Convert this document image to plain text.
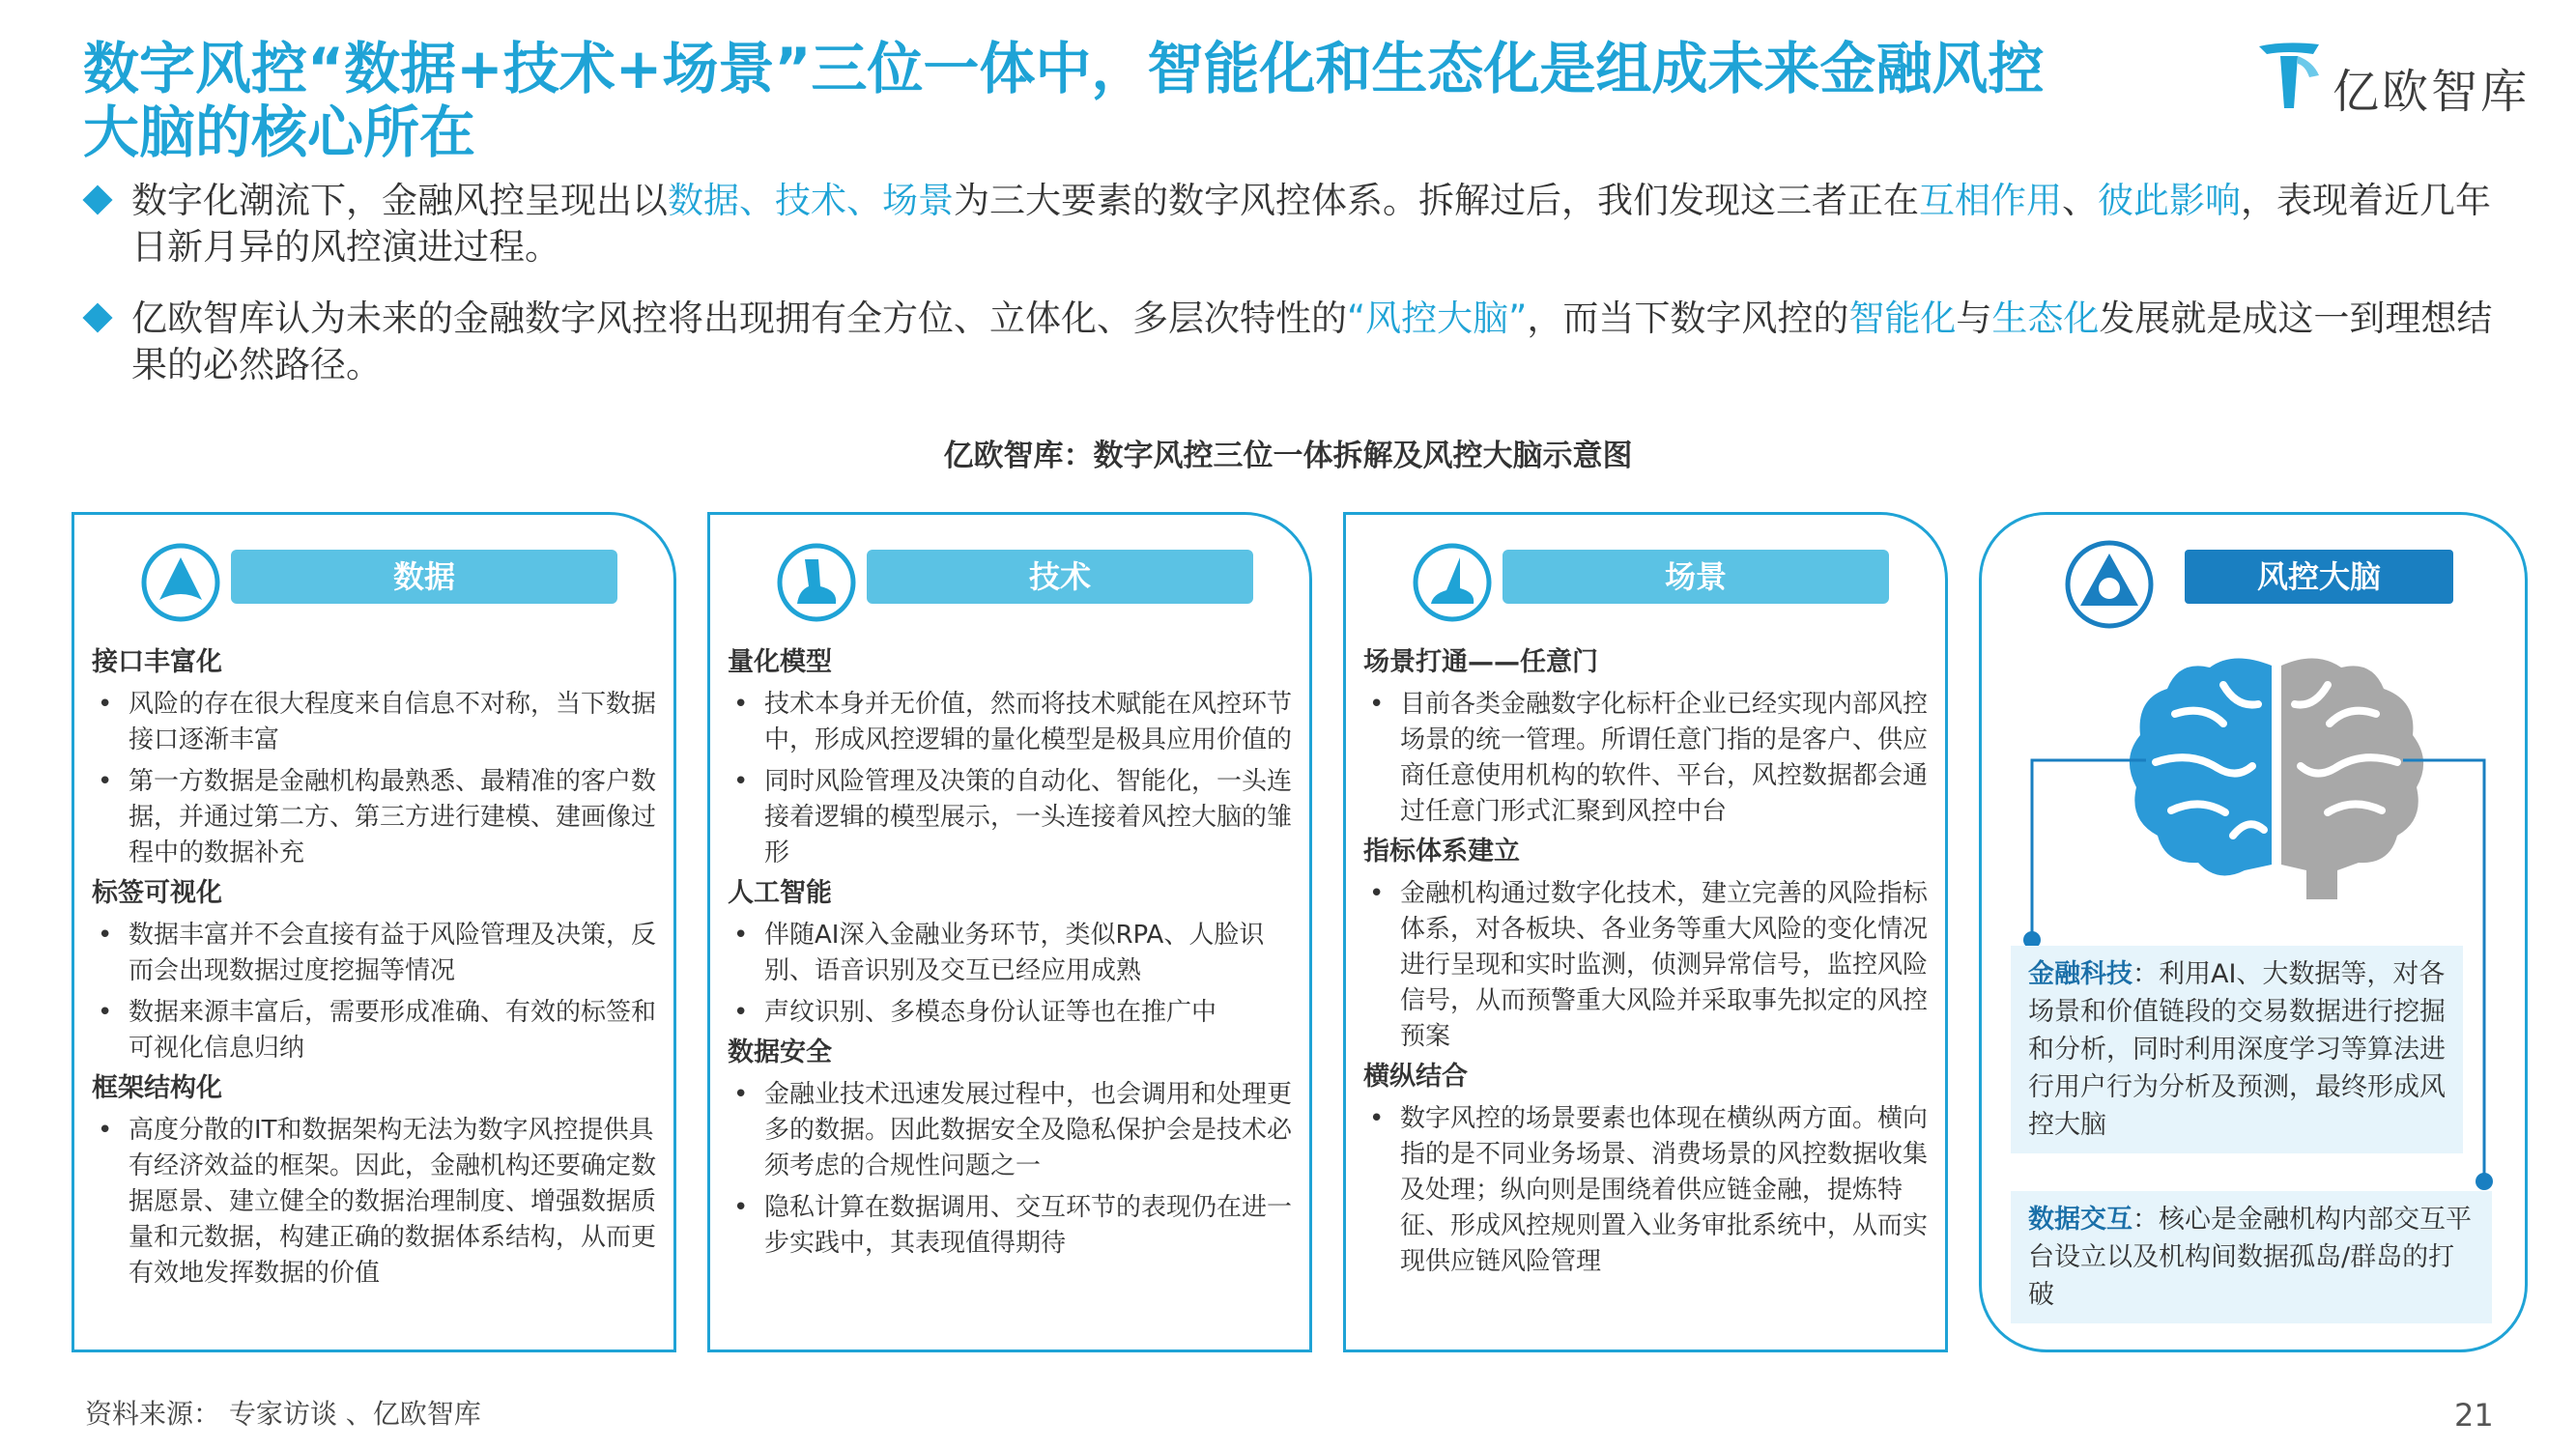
数字风控“数据+技术+场景”三位一体中，智能化和生态化是组成未来金融风控
大脑的核心所在
亿欧智库
数字化潮流下，金融风控呈现出以数据、技术、场景为三大要素的数字风控体系。拆解过后，我们发现这三者正在互相作用、彼此影响，表现着近几年日新月异的风控演进过程。
亿欧智库认为未来的金融数字风控将出现拥有全方位、立体化、多层次特性的“风控大脑”，而当下数字风控的智能化与生态化发展就是成这一到理想结果的必然路径。
亿欧智库：数字风控三位一体拆解及风控大脑示意图
数据
接口丰富化
• 风险的存在很大程度来自信息不对称，当下数据接口逐渐丰富
• 第一方数据是金融机构最熟悉、最精准的客户数据，并通过第二方、第三方进行建模、建画像过程中的数据补充
标签可视化
• 数据丰富并不会直接有益于风险管理及决策，反而会出现数据过度挖掘等情况
• 数据来源丰富后，需要形成准确、有效的标签和可视化信息归纳
框架结构化
• 高度分散的IT和数据架构无法为数字风控提供具有经济效益的框架。因此，金融机构还要确定数据愿景、建立健全的数据治理制度、增强数据质量和元数据，构建正确的数据体系结构，从而更有效地发挥数据的价值
技术
量化模型
• 技术本身并无价值，然而将技术赋能在风控环节中，形成风控逻辑的量化模型是极具应用价值的
• 同时风险管理及决策的自动化、智能化，一头连接着逻辑的模型展示，一头连接着风控大脑的雏形
人工智能
• 伴随AI深入金融业务环节，类似RPA、人脸识别、语音识别及交互已经应用成熟
• 声纹识别、多模态身份认证等也在推广中
数据安全
• 金融业技术迅速发展过程中，也会调用和处理更多的数据。因此数据安全及隐私保护会是技术必须考虑的合规性问题之一
• 隐私计算在数据调用、交互环节的表现仍在进一步实践中，其表现值得期待
场景
场景打通——任意门
• 目前各类金融数字化标杆企业已经实现内部风控场景的统一管理。所谓任意门指的是客户、供应商任意使用机构的软件、平台，风控数据都会通过任意门形式汇聚到风控中台
指标体系建立
• 金融机构通过数字化技术，建立完善的风险指标体系，对各板块、各业务等重大风险的变化情况进行呈现和实时监测，侦测异常信号，监控风险信号，从而预警重大风险并采取事先拟定的风控预案
横纵结合
• 数字风控的场景要素也体现在横纵两方面。横向指的是不同业务场景、消费场景的风控数据收集及处理；纵向则是围绕着供应链金融，提炼特征、形成风控规则置入业务审批系统中，从而实现供应链风险管理
风控大脑
金融科技：利用AI、大数据等，对各场景和价值链段的交易数据进行挖掘和分析，同时利用深度学习等算法进行用户行为分析及预测，最终形成风控大脑
数据交互：核心是金融机构内部交互平台设立以及机构间数据孤岛/群岛的打破
资料来源： 专家访谈 、亿欧智库	21
